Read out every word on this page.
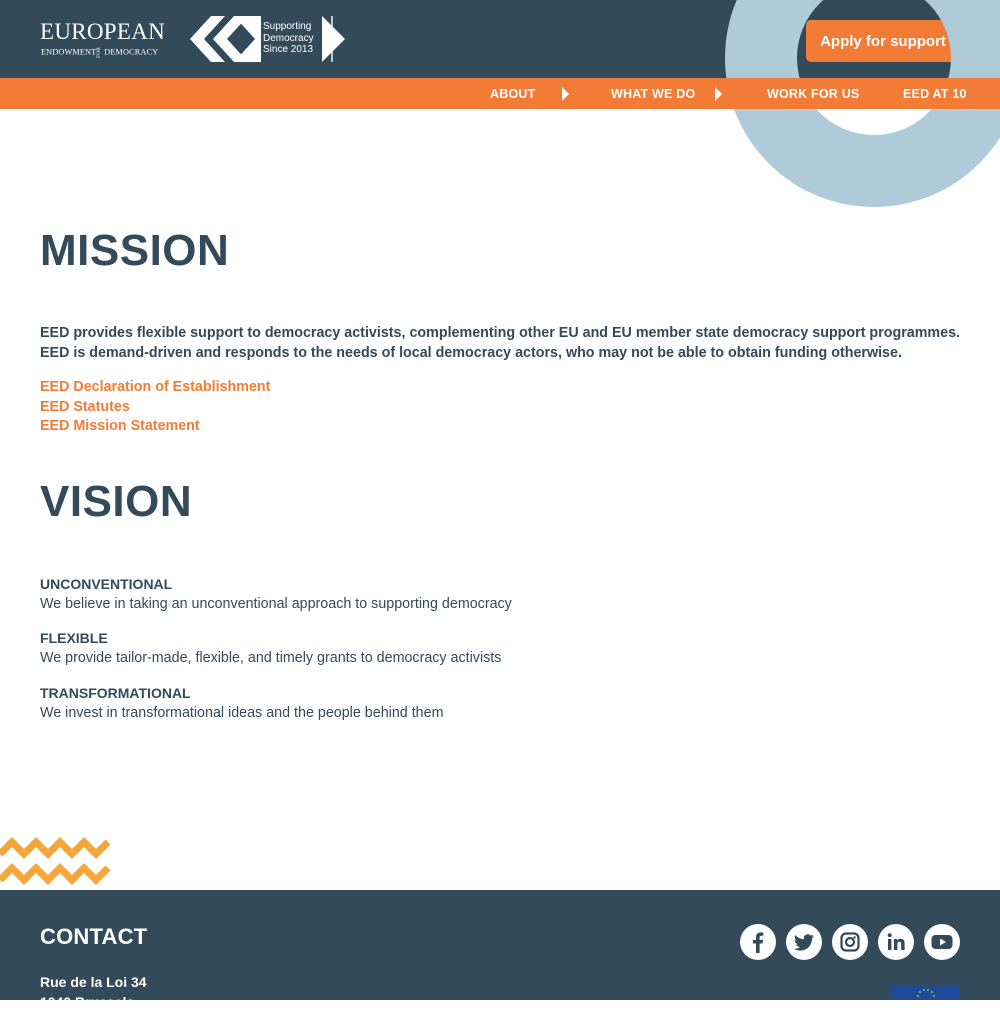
EUROPEAN
ENDOWMENTFOR DEMOCRACY
Supporting
Democracy
Since 2013	Apply for support
ABOUT	WHAT WE DO	WORK FOR US	EED AT 10
MISSION

EED provides flexible support to democracy activists, complementing other EU and EU member state democracy support programmes. EED is demand-driven and responds to the needs of local democracy actors, who may not be able to obtain funding otherwise.

EED Declaration of Establishment
EED Statutes
EED Mission Statement
VISION
UNCONVENTIONAL
We believe in taking an unconventional approach to supporting democracy
FLEXIBLE
We provide tailor-made, flexible, and timely grants to democracy activists
TRANSFORMATIONAL
We invest in transformational ideas and the people behind them
CONTACT
Rue de la Loi 34
1040 Brussels
